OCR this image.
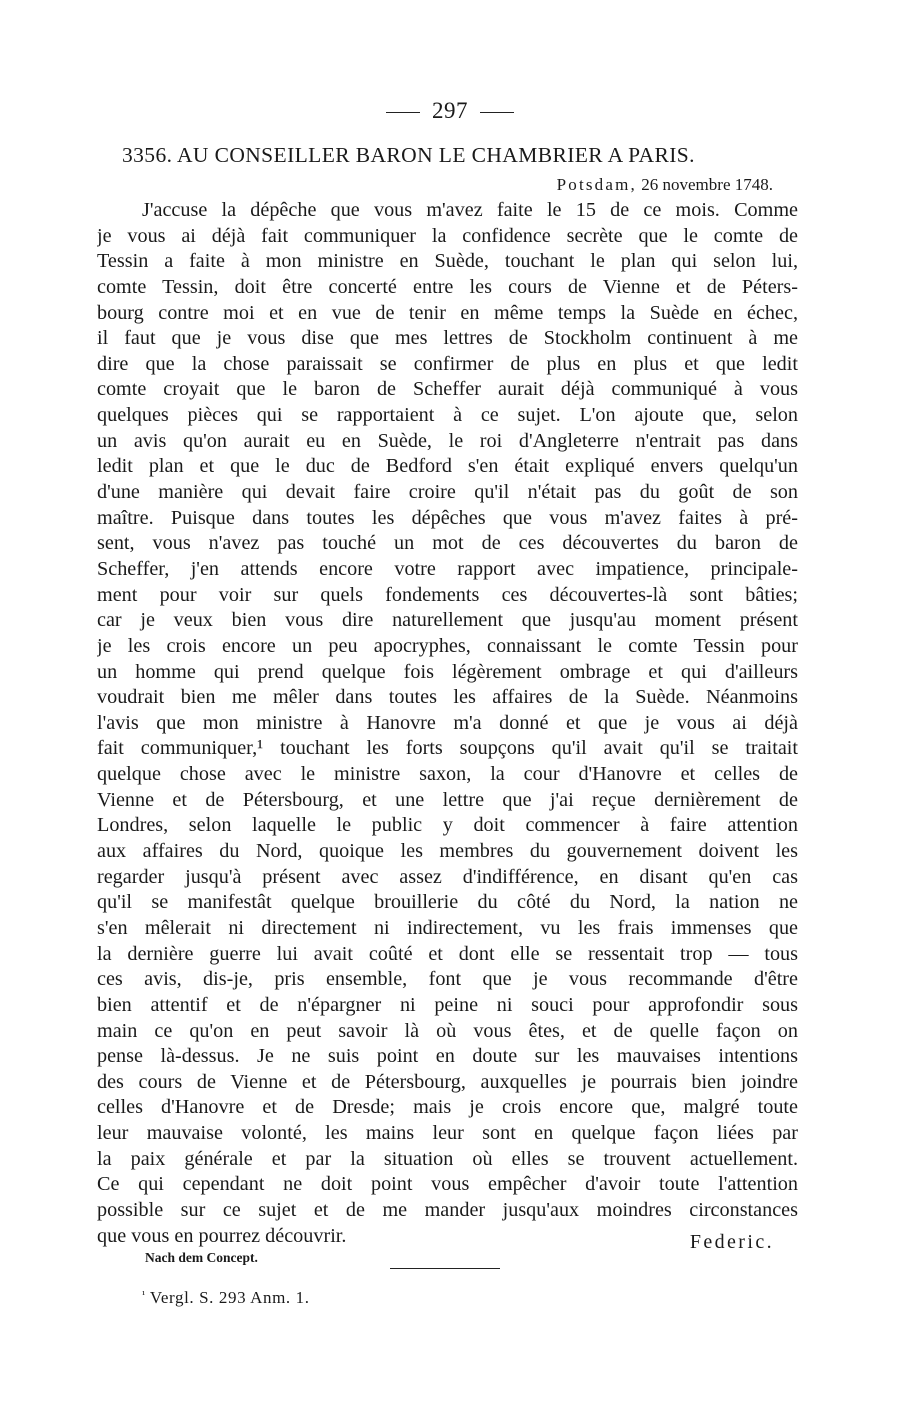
297
3356. AU CONSEILLER BARON LE CHAMBRIER A PARIS.
Potsdam, 26 novembre 1748.
J'accuse la dépêche que vous m'avez faite le 15 de ce mois. Comme
je vous ai déjà fait communiquer la confidence secrète que le comte de
Tessin a faite à mon ministre en Suède, touchant le plan qui selon lui,
comte Tessin, doit être concerté entre les cours de Vienne et de Péters-
bourg contre moi et en vue de tenir en même temps la Suède en échec,
il faut que je vous dise que mes lettres de Stockholm continuent à me
dire que la chose paraissait se confirmer de plus en plus et que ledit
comte croyait que le baron de Scheffer aurait déjà communiqué à vous
quelques pièces qui se rapportaient à ce sujet. L'on ajoute que, selon
un avis qu'on aurait eu en Suède, le roi d'Angleterre n'entrait pas dans
ledit plan et que le duc de Bedford s'en était expliqué envers quelqu'un
d'une manière qui devait faire croire qu'il n'était pas du goût de son
maître. Puisque dans toutes les dépêches que vous m'avez faites à pré-
sent, vous n'avez pas touché un mot de ces découvertes du baron de
Scheffer, j'en attends encore votre rapport avec impatience, principale-
ment pour voir sur quels fondements ces découvertes-là sont bâties;
car je veux bien vous dire naturellement que jusqu'au moment présent
je les crois encore un peu apocryphes, connaissant le comte Tessin pour
un homme qui prend quelque fois légèrement ombrage et qui d'ailleurs
voudrait bien me mêler dans toutes les affaires de la Suède. Néanmoins
l'avis que mon ministre à Hanovre m'a donné et que je vous ai déjà
fait communiquer,¹ touchant les forts soupçons qu'il avait qu'il se traitait
quelque chose avec le ministre saxon, la cour d'Hanovre et celles de
Vienne et de Pétersbourg, et une lettre que j'ai reçue dernièrement de
Londres, selon laquelle le public y doit commencer à faire attention
aux affaires du Nord, quoique les membres du gouvernement doivent les
regarder jusqu'à présent avec assez d'indifférence, en disant qu'en cas
qu'il se manifestât quelque brouillerie du côté du Nord, la nation ne
s'en mêlerait ni directement ni indirectement, vu les frais immenses que
la dernière guerre lui avait coûté et dont elle se ressentait trop — tous
ces avis, dis-je, pris ensemble, font que je vous recommande d'être
bien attentif et de n'épargner ni peine ni souci pour approfondir sous
main ce qu'on en peut savoir là où vous êtes, et de quelle façon on
pense là-dessus. Je ne suis point en doute sur les mauvaises intentions
des cours de Vienne et de Pétersbourg, auxquelles je pourrais bien joindre
celles d'Hanovre et de Dresde; mais je crois encore que, malgré toute
leur mauvaise volonté, les mains leur sont en quelque façon liées par
la paix générale et par la situation où elles se trouvent actuellement.
Ce qui cependant ne doit point vous empêcher d'avoir toute l'attention
possible sur ce sujet et de me mander jusqu'aux moindres circonstances
que vous en pourrez découvrir.	Federic.
Nach dem Concept.
$^{^1}$ Vergl. S. 293 Anm. 1.
